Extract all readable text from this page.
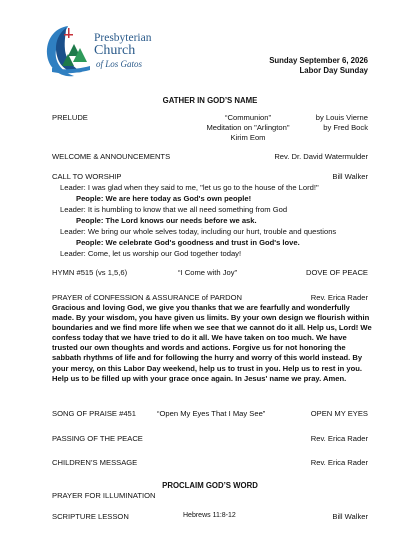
Presbyterian
Church
of Los Gatos	Sunday September 6, 2026
Labor Day Sunday
GATHER IN GOD’S NAME
PRELUDE	“Communion”	by Louis Vierne
Meditation on "Arlington"	by Fred Bock
Kirim Eom
WELCOME & ANNOUNCEMENTS	Rev. Dr. David Watermulder
CALL TO WORSHIP	Bill Walker
Leader: I was glad when they said to me, "let us go to the house of the Lord!"
People: We are here today as God's own people!
Leader: It is humbling to know that we all need something from God
People: The Lord knows our needs before we ask.
Leader: We bring our whole selves today, including our hurt, trouble and questions
People: We celebrate God's goodness and trust in God's love.
Leader: Come, let us worship our God together today!
HYMN #515 (vs 1,5,6)	“I Come with Joy”	DOVE OF PEACE
PRAYER of CONFESSION & ASSURANCE of PARDON	Rev. Erica Rader
Gracious and loving God, we give you thanks that we are fearfully and wonderfully made. By your wisdom, you have given us limits. By your own design we flourish within boundaries and we find more life when we see that we cannot do it all. Help us, Lord! We confess today that we have tried to do it all. We have taken on too much. We have trusted our own thoughts and words and actions. Forgive us for not honoring the sabbath rhythms of life and for following the hurry and worry of this world instead. By your mercy, on this Labor Day weekend, help us to trust in you. Help us to rest in you. Help us to be filled up with your grace once again. In Jesus' name we pray. Amen.
SONG OF PRAISE #451	“Open My Eyes That I May See”	OPEN MY EYES
PASSING OF THE PEACE	Rev. Erica Rader
CHILDREN’S MESSAGE	Rev. Erica Rader
PROCLAIM GOD’S WORD
PRAYER FOR ILLUMINATION
SCRIPTURE LESSON	Hebrews 11:8-12	Bill Walker
